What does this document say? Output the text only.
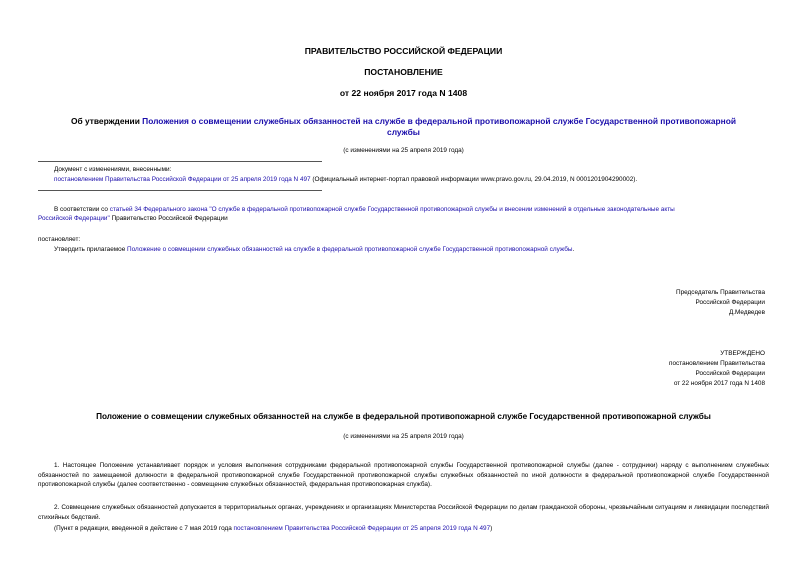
ПРАВИТЕЛЬСТВО РОССИЙСКОЙ ФЕДЕРАЦИИ
ПОСТАНОВЛЕНИЕ
от 22 ноября 2017 года N 1408
Об утверждении Положения о совмещении служебных обязанностей на службе в федеральной противопожарной службе Государственной противопожарной
службы
(с изменениями на 25 апреля 2019 года)
Документ с изменениями, внесенными:
постановлением Правительства Российской Федерации от 25 апреля 2019 года N 497 (Официальный интернет-портал правовой информации www.pravo.gov.ru, 29.04.2019, N 0001201904290002).
В соответствии со статьей 34 Федерального закона "О службе в федеральной противопожарной службе Государственной противопожарной службы и внесении изменений в отдельные законодательные акты
Российской Федерации" Правительство Российской Федерации
постановляет:
Утвердить прилагаемое Положение о совмещении служебных обязанностей на службе в федеральной противопожарной службе Государственной противопожарной службы.
Председатель Правительства
Российской Федерации
Д.Медведев
УТВЕРЖДЕНО
постановлением Правительства
Российской Федерации
от 22 ноября 2017 года N 1408
Положение о совмещении служебных обязанностей на службе в федеральной противопожарной службе Государственной противопожарной службы
(с изменениями на 25 апреля 2019 года)

1. Настоящее Положение устанавливает порядок и условия выполнения сотрудниками федеральной противопожарной службы Государственной противопожарной службы (далее - сотрудники) наряду с выполнением служебных обязанностей по замещаемой должности в федеральной противопожарной службе Государственной противопожарной службы служебных обязанностей по иной должности в федеральной противопожарной службе Государственной противопожарной службы (далее соответственно - совмещение служебных обязанностей, федеральная противопожарная служба).

2. Совмещение служебных обязанностей допускается в территориальных органах, учреждениях и организациях Министерства Российской Федерации по делам гражданской обороны, чрезвычайным ситуациям и ликвидации последствий стихийных бедствий.

(Пункт в редакции, введенной в действие с 7 мая 2019 года постановлением Правительства Российской Федерации от 25 апреля 2019 года N 497)
